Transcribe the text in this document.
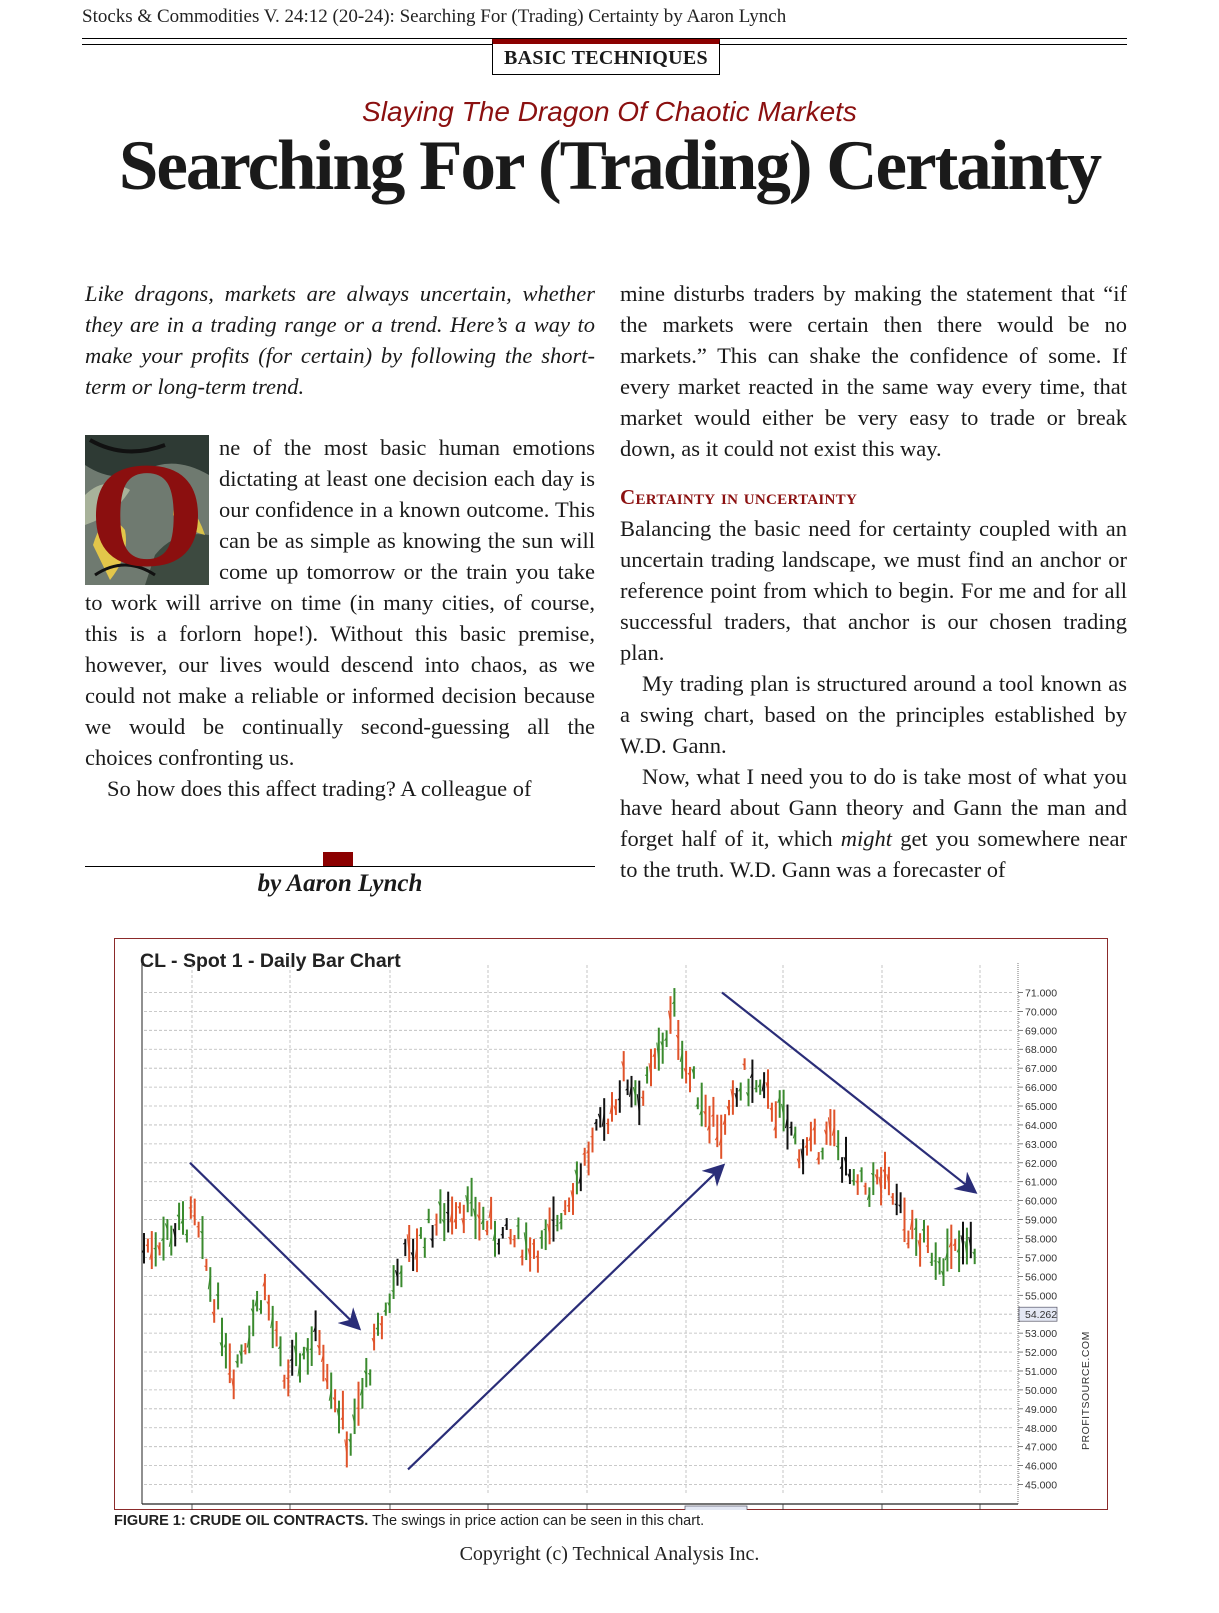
Stocks & Commodities V. 24:12 (20-24): Searching For (Trading) Certainty by Aaron Lynch
BASIC TECHNIQUES
Slaying The Dragon Of Chaotic Markets
Searching For (Trading) Certainty
Like dragons, markets are always uncertain, whether they are in a trading range or a trend. Here’s a way to make your profits (for certain) by following the short-term or long-term trend.
O ne of the most basic human emotions dictating at least one decision each day is our confidence in a known outcome. This can be as simple as knowing the sun will come up tomorrow or the train you take to work will arrive on time (in many cities, of course, this is a forlorn hope!). Without this basic premise, however, our lives would descend into chaos, as we could not make a reliable or informed decision because we would be continually second-guessing all the choices confronting us.

So how does this affect trading? A colleague of

by Aaron Lynch

mine disturbs traders by making the statement that “if the markets were certain then there would be no markets.” This can shake the confidence of some. If every market reacted in the same way every time, that market would either be very easy to trade or break down, as it could not exist this way.

Certainty in uncertainty

Balancing the basic need for certainty coupled with an uncertain trading landscape, we must find an anchor or reference point from which to begin. For me and for all successful traders, that anchor is our chosen trading plan.

My trading plan is structured around a tool known as a swing chart, based on the principles established by W.D. Gann.

Now, what I need you to do is take most of what you have heard about Gann theory and Gann the man and forget half of it, which might get you somewhere near to the truth. W.D. Gann was a forecaster of

CL - Spot 1 - Daily Bar Chart
71.000
70.000
69.000
68.000
67.000
66.000
65.000
64.000
63.000
62.000
61.000
60.000
59.000
58.000
57.000
56.000
55.000
54.262
53.000
52.000
51.000
50.000
49.000
48.000
47.000
46.000
45.000
PROFITSOURCE.COM
FIGURE 1: CRUDE OIL CONTRACTS. The swings in price action can be seen in this chart.
Copyright (c) Technical Analysis Inc.
